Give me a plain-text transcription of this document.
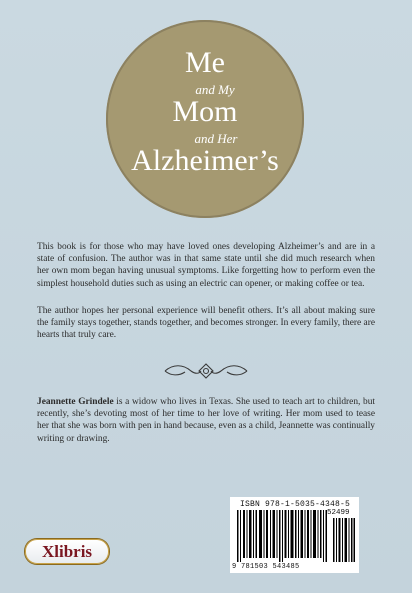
Me
and My
Mom
and Her
Alzheimer’s
This book is for those who may have loved ones developing Alzheimer’s and are in a state of confusion. The author was in that same state until she did much research when her own mom began having unusual symptoms. Like forgetting how to perform even the simplest household duties such as using an electric can opener, or making coffee or tea.
The author hopes her personal experience will benefit others. It’s all about making sure the family stays together, stands together, and becomes stronger. In every family, there are hearts that truly care.
Jeannette Grindele is a widow who lives in Texas. She used to teach art to children, but recently, she’s devoting most of her time to her love of writing. Her mom used to tease her that she was born with pen in hand because, even as a child, Jeannette was continually writing or drawing.
ISBN 978-1-5035-4348-5
52499
9 781503 543485
Xlibris
